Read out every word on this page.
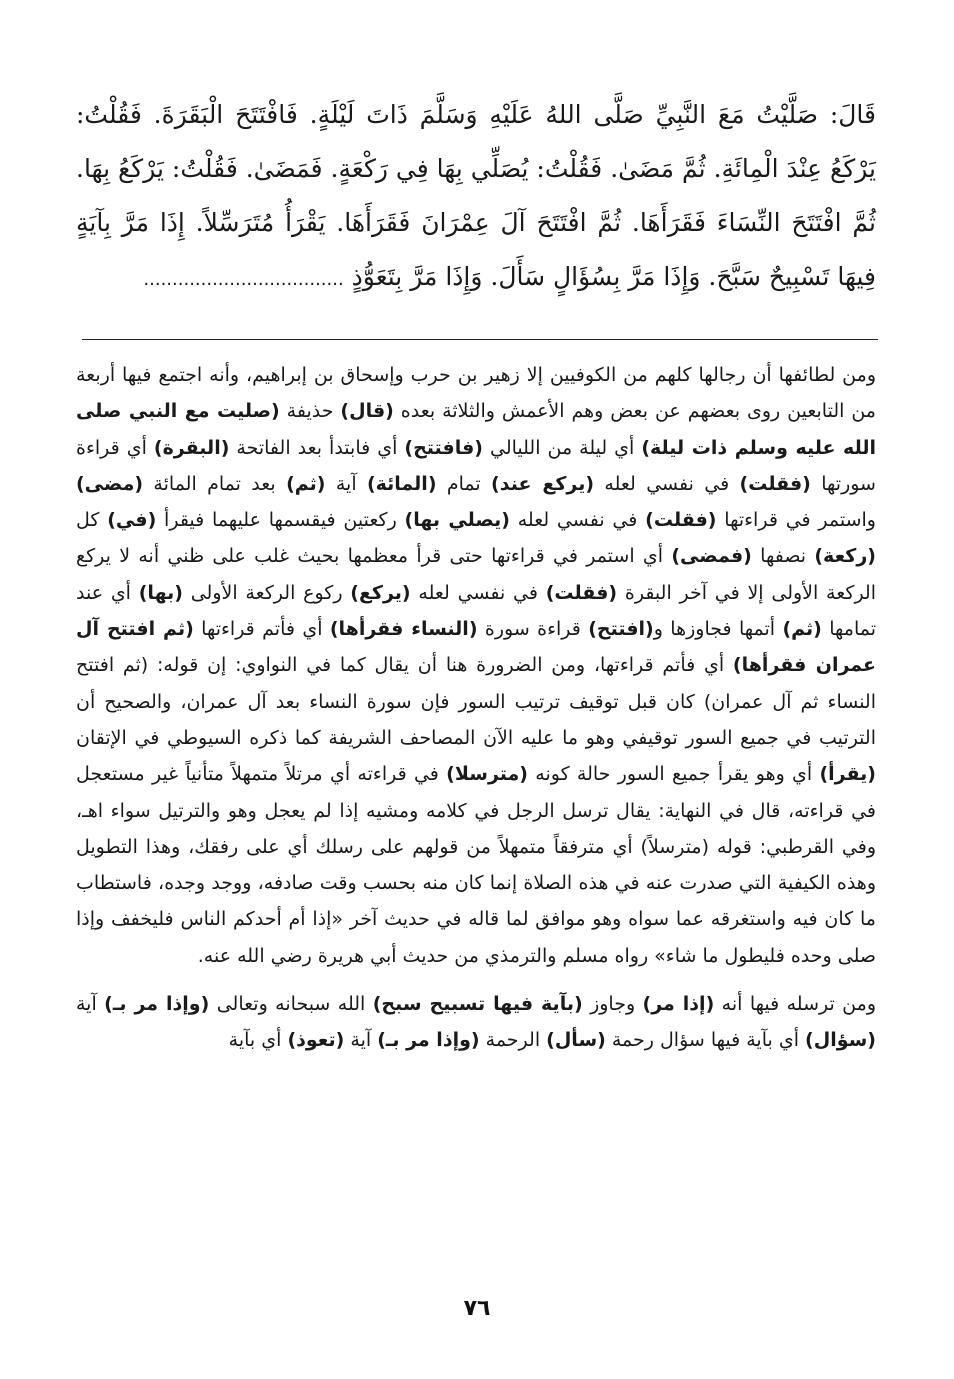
قَالَ: صَلَّيْتُ مَعَ النَّبِيِّ صَلَّى اللهُ عَلَيْهِ وَسَلَّمَ ذَاتَ لَيْلَةٍ. فَافْتَتَحَ الْبَقَرَةَ. فَقُلْتُ: يَرْكَعُ عِنْدَ الْمِائَةِ. ثُمَّ مَضَىٰ. فَقُلْتُ: يُصَلِّي بِهَا فِي رَكْعَةٍ. فَمَضَىٰ. فَقُلْتُ: يَرْكَعُ بِهَا. ثُمَّ افْتَتَحَ النِّسَاءَ فَقَرَأَهَا. ثُمَّ افْتَتَحَ آلَ عِمْرَانَ فَقَرَأَهَا. يَقْرَأُ مُتَرَسِّلاً. إِذَا مَرَّ بِآيَةٍ فِيهَا تَسْبِيحٌ سَبَّحَ. وَإِذَا مَرَّ بِسُؤَالٍ سَأَلَ. وَإِذَا مَرَّ بِتَعَوُّذٍ ...................................

ومن لطائفها أن رجالها كلهم من الكوفيين إلا زهير بن حرب وإسحاق بن إبراهيم، وأنه اجتمع فيها أربعة من التابعين روى بعضهم عن بعض وهم الأعمش والثلاثة بعده (قال) حذيفة (صليت مع النبي صلى الله عليه وسلم ذات ليلة) أي ليلة من الليالي (فافتتح) أي فابتدأ بعد الفاتحة (البقرة) أي قراءة سورتها (فقلت) في نفسي لعله (يركع عند) تمام (المائة) آية (ثم) بعد تمام المائة (مضى) واستمر في قراءتها (فقلت) في نفسي لعله (يصلي بها) ركعتين فيقسمها عليهما فيقرأ (في) كل (ركعة) نصفها (فمضى) أي استمر في قراءتها حتى قرأ معظمها بحيث غلب على ظني أنه لا يركع الركعة الأولى إلا في آخر البقرة (فقلت) في نفسي لعله (يركع) ركوع الركعة الأولى (بها) أي عند تمامها (ثم) أتمها فجاوزها و(افتتح) قراءة سورة (النساء فقرأها) أي فأتم قراءتها (ثم افتتح آل عمران فقرأها) أي فأتم قراءتها، ومن الضرورة هنا أن يقال كما في النواوي: إن قوله: (ثم افتتح النساء ثم آل عمران) كان قبل توقيف ترتيب السور فإن سورة النساء بعد آل عمران، والصحيح أن الترتيب في جميع السور توقيفي وهو ما عليه الآن المصاحف الشريفة كما ذكره السيوطي في الإتقان (يقرأ) أي وهو يقرأ جميع السور حالة كونه (مترسلا) في قراءته أي مرتلاً متمهلاً متأنياً غير مستعجل في قراءته، قال في النهاية: يقال ترسل الرجل في كلامه ومشيه إذا لم يعجل وهو والترتيل سواء اهـ، وفي القرطبي: قوله (مترسلاً) أي مترفقاً متمهلاً من قولهم على رسلك أي على رفقك، وهذا التطويل وهذه الكيفية التي صدرت عنه في هذه الصلاة إنما كان منه بحسب وقت صادفه، ووجد وجده، فاستطاب ما كان فيه واستغرقه عما سواه وهو موافق لما قاله في حديث آخر «إذا أم أحدكم الناس فليخفف وإذا صلى وحده فليطول ما شاء» رواه مسلم والترمذي من حديث أبي هريرة رضي الله عنه.

ومن ترسله فيها أنه (إذا مر) وجاوز (بآية فيها تسبيح سبح) الله سبحانه وتعالى (وإذا مر بـ) آية (سؤال) أي بآية فيها سؤال رحمة (سأل) الرحمة (وإذا مر بـ) آية (تعوذ) أي بآية

٧٦
